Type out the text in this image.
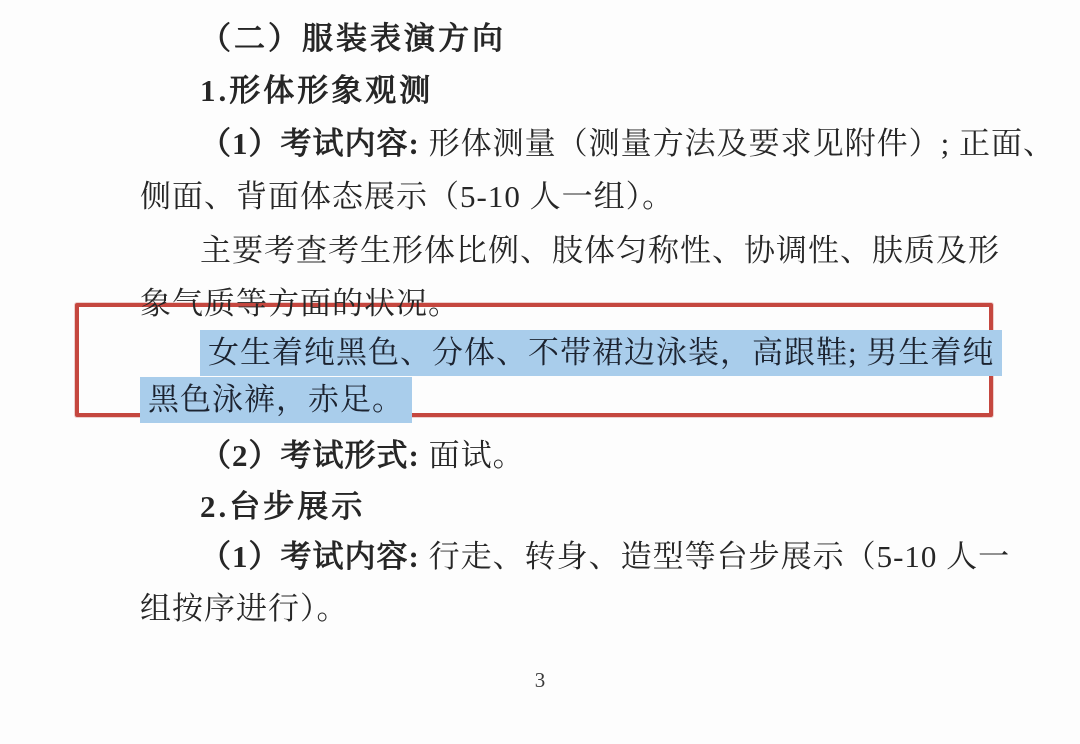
（二）服装表演方向
1.形体形象观测
（1）考试内容: 形体测量（测量方法及要求见附件）; 正面、
侧面、背面体态展示（5-10 人一组）。
主要考查考生形体比例、肢体匀称性、协调性、肤质及形
象气质等方面的状况。
女生着纯黑色、分体、不带裙边泳装，高跟鞋; 男生着纯
黑色泳裤，赤足。
（2）考试形式: 面试。
2.台步展示
（1）考试内容: 行走、转身、造型等台步展示（5-10 人一
组按序进行）。
3
